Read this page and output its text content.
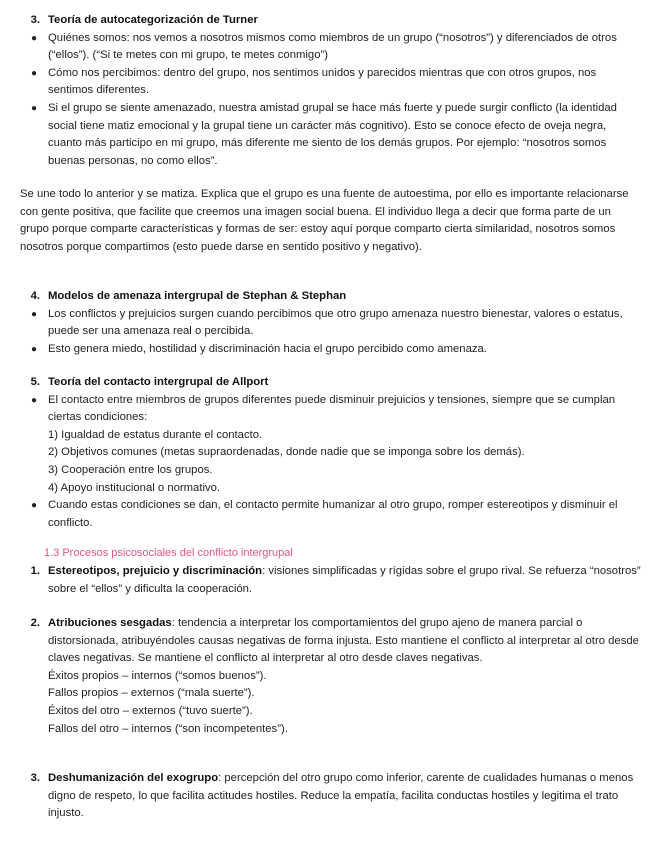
3. Teoría de autocategorización de Turner
● Quiénes somos: nos vemos a nosotros mismos como miembros de un grupo (“nosotros”) y diferenciados de otros (“ellos”). (“Si te metes con mi grupo, te metes conmigo”)
● Cómo nos percibimos: dentro del grupo, nos sentimos unidos y parecidos mientras que con otros grupos, nos sentimos diferentes.
● Si el grupo se siente amenazado, nuestra amistad grupal se hace más fuerte y puede surgir conflicto (la identidad social tiene matiz emocional y la grupal tiene un carácter más cognitivo). Esto se conoce efecto de oveja negra, cuanto más participo en mi grupo, más diferente me siento de los demás grupos. Por ejemplo: “nosotros somos buenas personas, no como ellos”.

Se une todo lo anterior y se matiza. Explica que el grupo es una fuente de autoestima, por ello es importante relacionarse con gente positiva, que facilite que creemos una imagen social buena. El individuo llega a decir que forma parte de un grupo porque comparte características y formas de ser: estoy aquí porque comparto cierta similaridad, nosotros somos nosotros porque compartimos (esto puede darse en sentido positivo y negativo).

4. Modelos de amenaza intergrupal de Stephan & Stephan
● Los conflictos y prejuicios surgen cuando percibimos que otro grupo amenaza nuestro bienestar, valores o estatus, puede ser una amenaza real o percibida.
● Esto genera miedo, hostilidad y discriminación hacia el grupo percibido como amenaza.
5. Teoría del contacto intergrupal de Allport
● El contacto entre miembros de grupos diferentes puede disminuir prejuicios y tensiones, siempre que se cumplan ciertas condiciones:
1) Igualdad de estatus durante el contacto.
2) Objetivos comunes (metas supraordenadas, donde nadie que se imponga sobre los demás).
3) Cooperación entre los grupos.
4) Apoyo institucional o normativo.
● Cuando estas condiciones se dan, el contacto permite humanizar al otro grupo, romper estereotipos y disminuir el conflicto.
1.3 Procesos psicosociales del conflicto intergrupal
1. Estereotipos, prejuicio y discriminación: visiones simplificadas y rígidas sobre el grupo rival. Se refuerza “nosotros” sobre el “ellos” y dificulta la cooperación.
2. Atribuciones sesgadas: tendencia a interpretar los comportamientos del grupo ajeno de manera parcial o distorsionada, atribuyéndoles causas negativas de forma injusta. Esto mantiene el conflicto al interpretar al otro desde claves negativas. Se mantiene el conflicto al interpretar al otro desde claves negativas.
Éxitos propios – internos (“somos buenos”).
Fallos propios – externos (“mala suerte”).
Éxitos del otro – externos (“tuvo suerte”).
Fallos del otro – internos (“son incompetentes”).
3. Deshumanización del exogrupo: percepción del otro grupo como inferior, carente de cualidades humanas o menos digno de respeto, lo que facilita actitudes hostiles. Reduce la empatía, facilita conductas hostiles y legitima el trato injusto.
